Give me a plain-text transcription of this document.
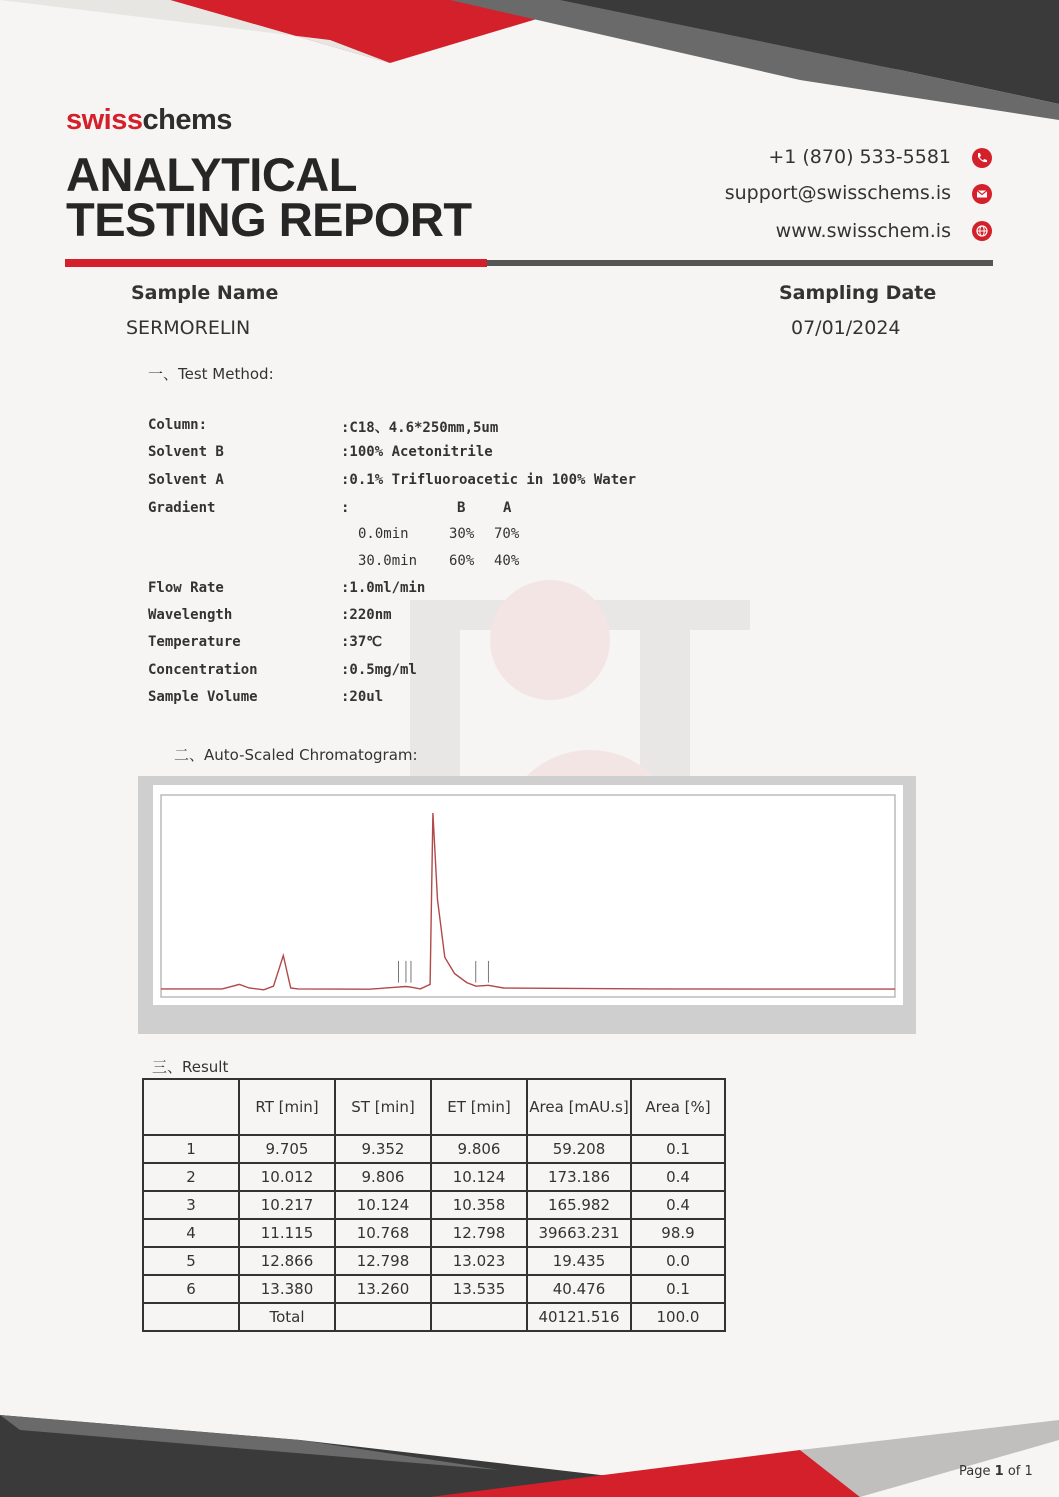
swisschems
ANALYTICAL
TESTING REPORT
+1 (870) 533-5581
support@swisschems.is
www.swisschem.is
Sample Name
SERMORELIN
Sampling Date
07/01/2024
一、Test Method:
Column:	:C18、4.6*250mm,5um
Solvent B	:100% Acetonitrile
Solvent A	:0.1% Trifluoroacetic in 100% Water
Gradient	:	B	A
0.0min	30% 70%
30.0min 60% 40%
Flow Rate	:1.0ml/min
Wavelength	:220nm
Temperature	:37℃
Concentration	:0.5mg/ml
Sample Volume	:20ul
二、Auto-Scaled Chromatogram:
三、Result
	RT [min]	ST [min]	ET [min]	Area [mAU.s]	Area [%]
1	9.705	9.352	9.806	59.208	0.1
2	10.012	9.806	10.124	173.186	0.4
3	10.217	10.124	10.358	165.982	0.4
4	11.115	10.768	12.798	39663.231	98.9
5	12.866	12.798	13.023	19.435	0.0
6	13.380	13.260	13.535	40.476	0.1
	Total			40121.516	100.0
Page 1 of 1
